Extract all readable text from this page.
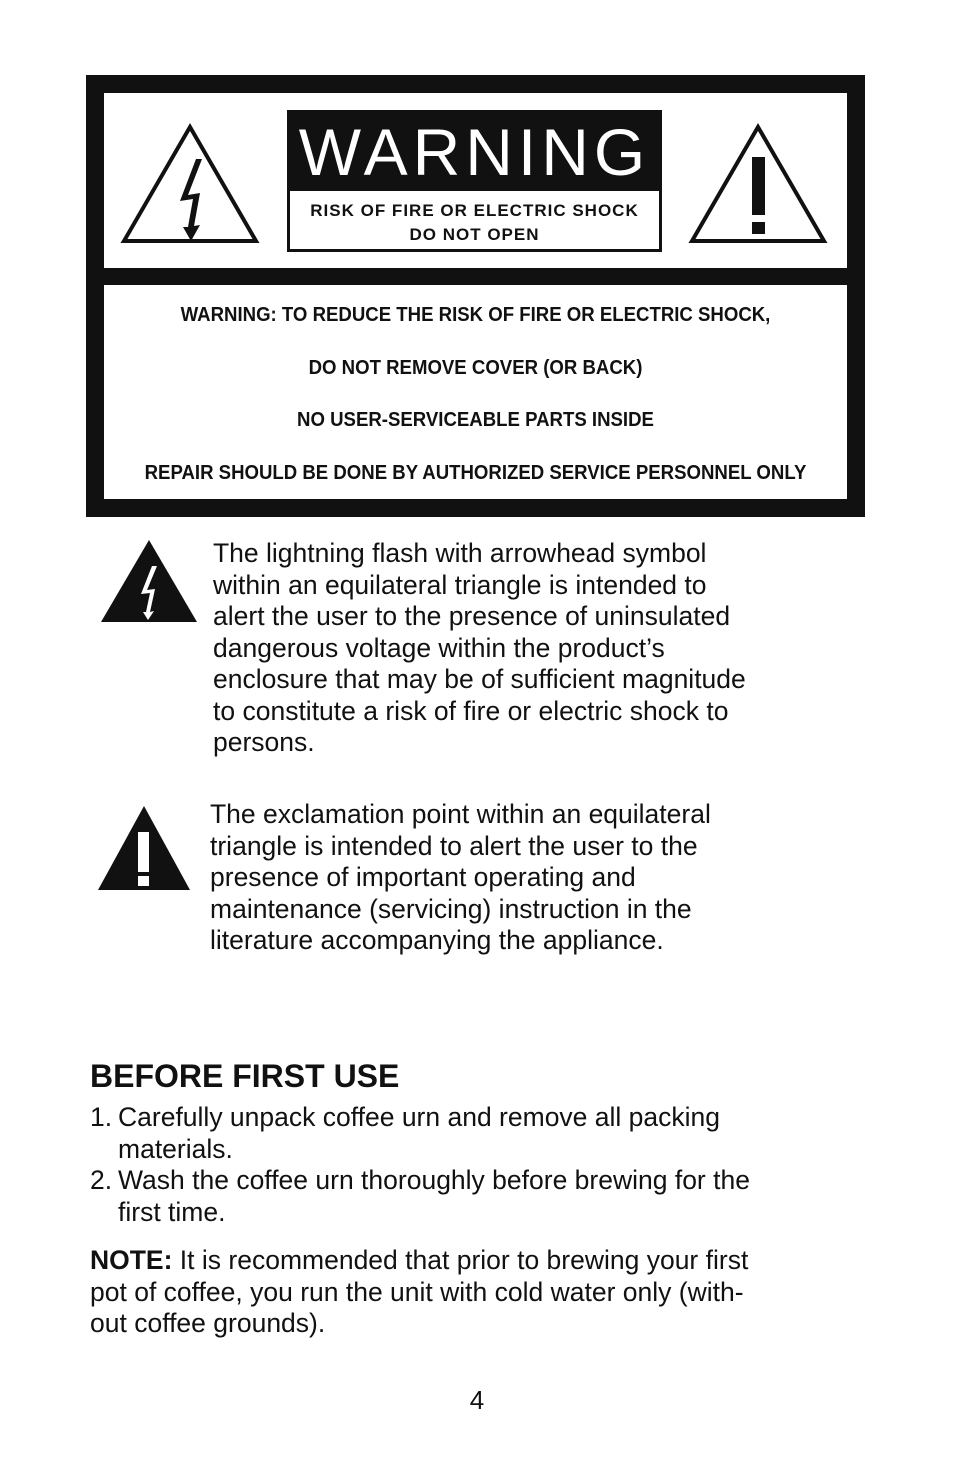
WARNING
RISK OF FIRE OR ELECTRIC SHOCK
DO NOT OPEN
WARNING: TO REDUCE THE RISK OF FIRE OR ELECTRIC SHOCK,
DO NOT REMOVE COVER (OR BACK)
NO USER-SERVICEABLE PARTS INSIDE
REPAIR SHOULD BE DONE BY AUTHORIZED SERVICE PERSONNEL ONLY
The lightning flash with arrowhead symbol
within an equilateral triangle is intended to
alert the user to the presence of uninsulated
dangerous voltage within the product’s
enclosure that may be of sufficient magnitude
to constitute a risk of fire or electric shock to
persons.
The exclamation point within an equilateral
triangle is intended to alert the user to the
presence of important operating and
maintenance (servicing) instruction in the
literature accompanying the appliance.
BEFORE FIRST USE
1. Carefully unpack coffee urn and remove all packing
materials.
2. Wash the coffee urn thoroughly before brewing for the
first time.
NOTE: It is recommended that prior to brewing your first
pot of coffee, you run the unit with cold water only (with-
out coffee grounds).
4
